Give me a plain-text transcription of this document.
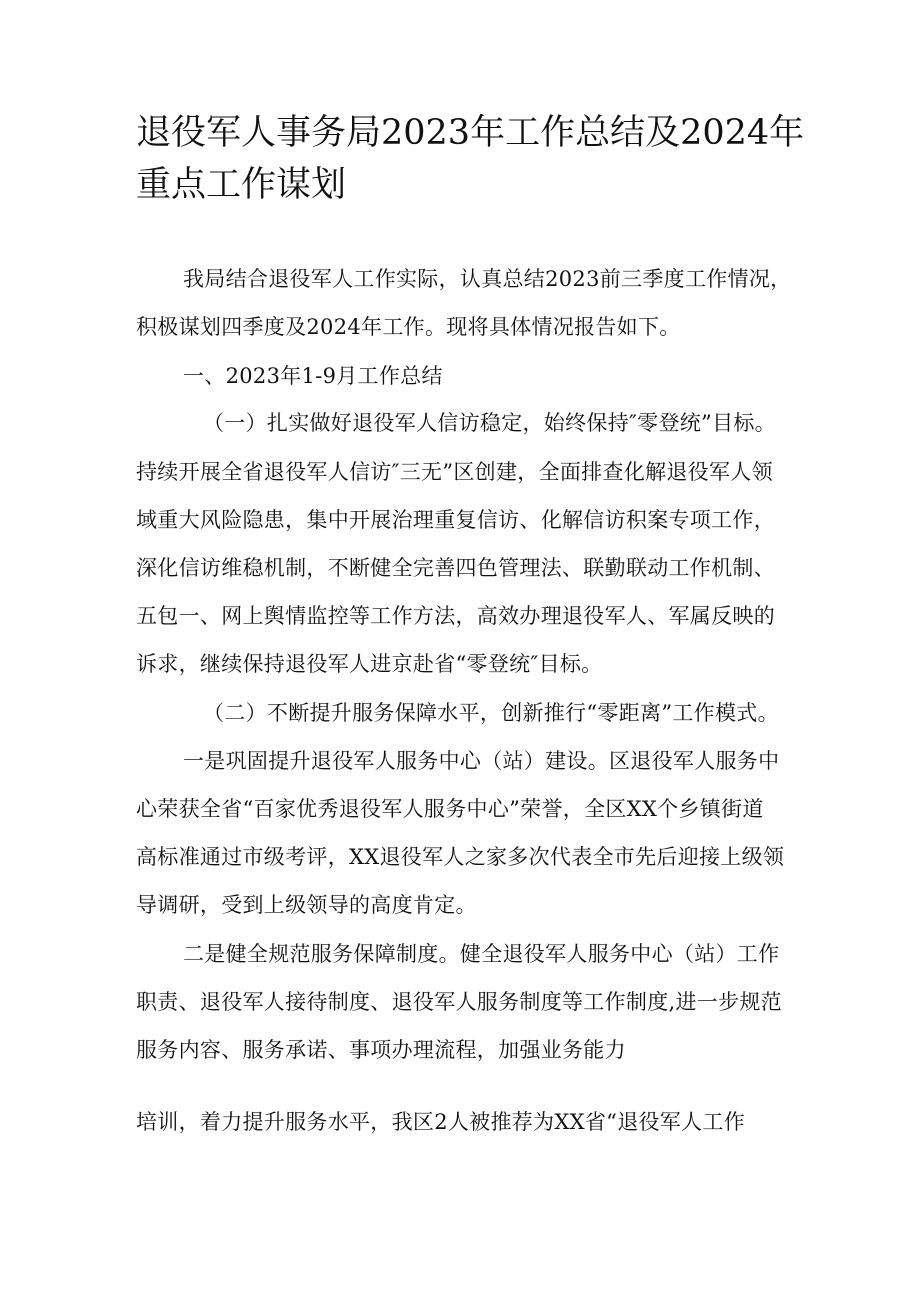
退役军人事务局2023年工作总结及2024年
重点工作谋划
我局结合退役军人工作实际，认真总结2023前三季度工作情况，
积极谋划四季度及2024年工作。现将具体情况报告如下。
一、2023年1-9月工作总结
（一）扎实做好退役军人信访稳定，始终保持″零登统”目标。
持续开展全省退役军人信访″三无”区创建，全面排查化解退役军人领
域重大风险隐患，集中开展治理重复信访、化解信访积案专项工作，
深化信访维稳机制，不断健全完善四色管理法、联勤联动工作机制、
五包一、网上舆情监控等工作方法，高效办理退役军人、军属反映的
诉求，继续保持退役军人进京赴省“零登统″目标。
（二）不断提升服务保障水平，创新推行“零距离”工作模式。
一是巩固提升退役军人服务中心（站）建设。区退役军人服务中
心荣获全省“百家优秀退役军人服务中心”荣誉，全区XX个乡镇街道
高标准通过市级考评，XX退役军人之家多次代表全市先后迎接上级领
导调研，受到上级领导的高度肯定。
二是健全规范服务保障制度。健全退役军人服务中心（站）工作
职责、退役军人接待制度、退役军人服务制度等工作制度,进一步规范
服务内容、服务承诺、事项办理流程，加强业务能力
培训，着力提升服务水平，我区2人被推荐为XX省“退役军人工作
